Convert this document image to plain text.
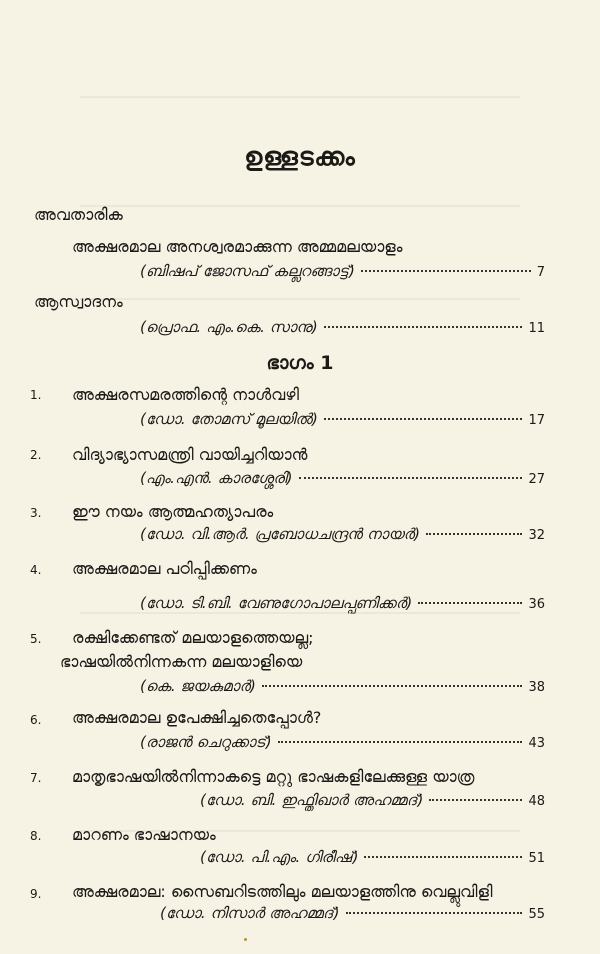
ഉള്ളടക്കം
അവതാരിക
അക്ഷരമാല അനശ്വരമാക്കുന്ന അമ്മമലയാളം
(ബിഷപ് ജോസഫ് കല്ലറങ്ങാട്ട്)	7
ആസ്വാദനം
(പ്രൊഫ. എം.കെ. സാനു)	11
ഭാഗം 1
1. അക്ഷരസമരത്തിന്റെ നാൾവഴി
(ഡോ. തോമസ് മൂലയിൽ)	17
2. വിദ്യാഭ്യാസമന്ത്രി വായിച്ചറിയാൻ
(എം.എൻ. കാരശ്ശേരി)	27
3. ഈ നയം ആത്മഹത്യാപരം
(ഡോ. വി.ആർ. പ്രബോധചന്ദ്രൻ നായർ)	32
4. അക്ഷരമാല പഠിപ്പിക്കണം
(ഡോ. ടി.ബി. വേണുഗോപാലപ്പണിക്കർ)	36
5. രക്ഷിക്കേണ്ടത് മലയാളത്തെയല്ല;
ഭാഷയിൽനിന്നകന്ന മലയാളിയെ
(കെ. ജയകുമാർ)	38
6. അക്ഷരമാല ഉപേക്ഷിച്ചതെപ്പോൾ?
(രാജൻ ചെറുക്കാട്)	43
7. മാതൃഭാഷയിൽനിന്നാകട്ടെ മറ്റു ഭാഷകളിലേക്കുള്ള യാത്ര
(ഡോ. ബി. ഇഫ്തിഖാർ അഹമ്മദ്)	48
8. മാറണം ഭാഷാനയം
(ഡോ. പി.എം. ഗിരീഷ്)	51
9. അക്ഷരമാല: സൈബറിടത്തിലും മലയാളത്തിനു വെല്ലുവിളി
(ഡോ. നിസാർ അഹമ്മദ്)	55
